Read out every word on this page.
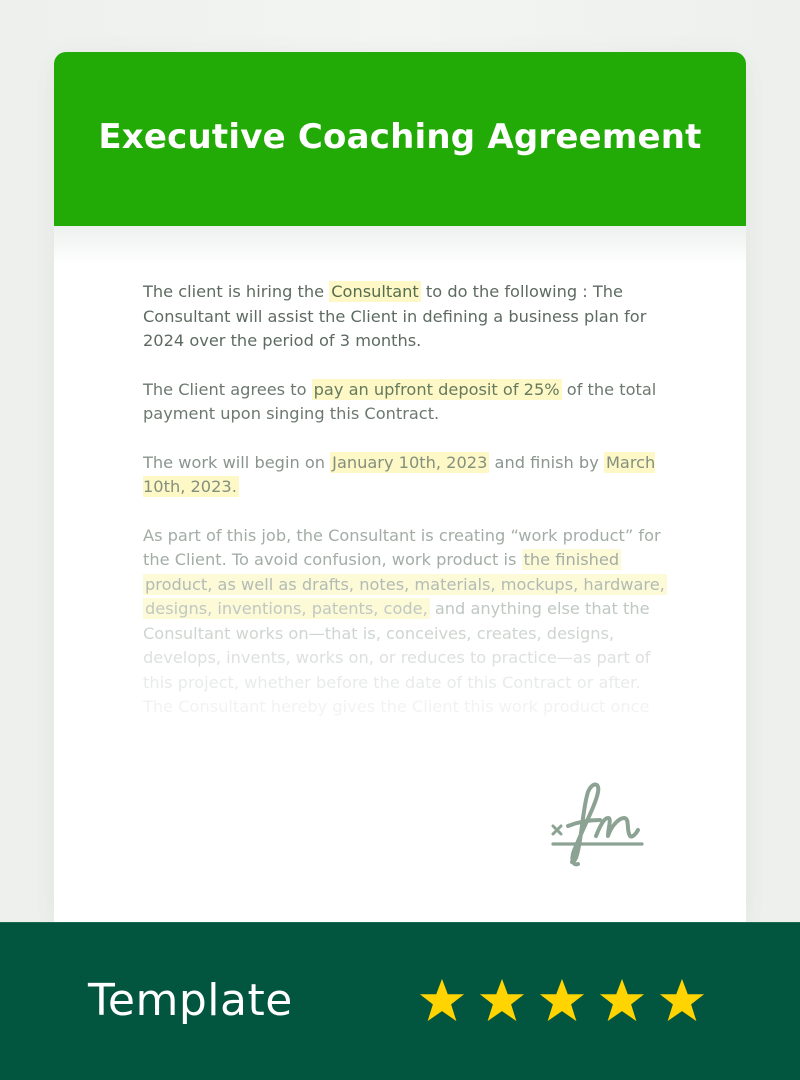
Executive Coaching Agreement

The client is hiring the Consultant to do the following : The Consultant will assist the Client in defining a business plan for 2024 over the period of 3 months.

The Client agrees to pay an upfront deposit of 25% of the total payment upon singing this Contract.

The work will begin on January 10th, 2023 and finish by March 10th, 2023.

As part of this job, the Consultant is creating “work product” for
the Client. To avoid confusion, work product is the finished
product, as well as drafts, notes, materials, mockups, hardware,
designs, inventions, patents, code, and anything else that the
Consultant works on—that is, conceives, creates, designs,
develops, invents, works on, or reduces to practice—as part of
this project, whether before the date of this Contract or after.
The Consultant hereby gives the Client this work product once

Template
